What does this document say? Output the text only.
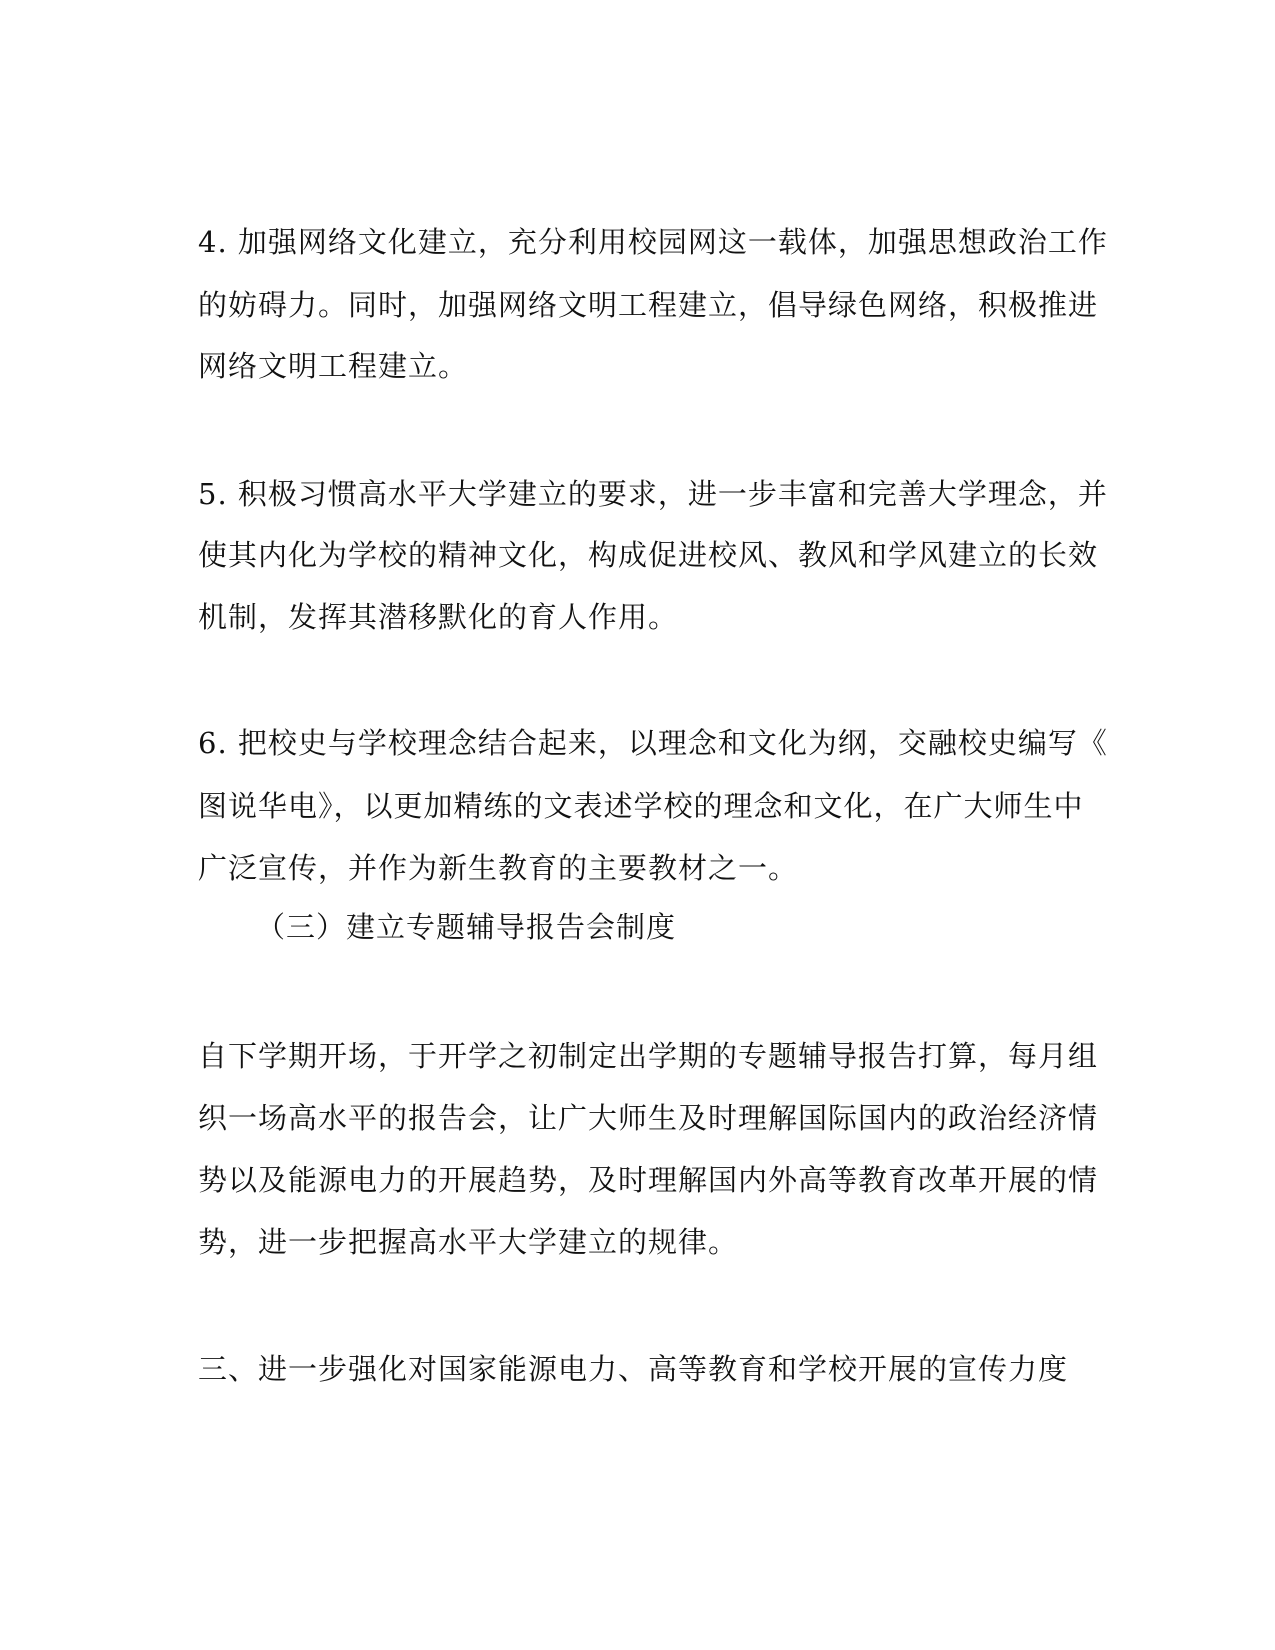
4. 加强网络文化建立，充分利用校园网这一载体，加强思想政治工作
的妨碍力。同时，加强网络文明工程建立，倡导绿色网络，积极推进
网络文明工程建立。
5. 积极习惯高水平大学建立的要求，进一步丰富和完善大学理念，并
使其内化为学校的精神文化，构成促进校风、教风和学风建立的长效
机制，发挥其潜移默化的育人作用。
6. 把校史与学校理念结合起来，以理念和文化为纲，交融校史编写《
图说华电》，以更加精练的文表述学校的理念和文化，在广大师生中
广泛宣传，并作为新生教育的主要教材之一。
（三）建立专题辅导报告会制度
自下学期开场，于开学之初制定出学期的专题辅导报告打算，每月组
织一场高水平的报告会，让广大师生及时理解国际国内的政治经济情
势以及能源电力的开展趋势，及时理解国内外高等教育改革开展的情
势，进一步把握高水平大学建立的规律。
三、进一步强化对国家能源电力、高等教育和学校开展的宣传力度
